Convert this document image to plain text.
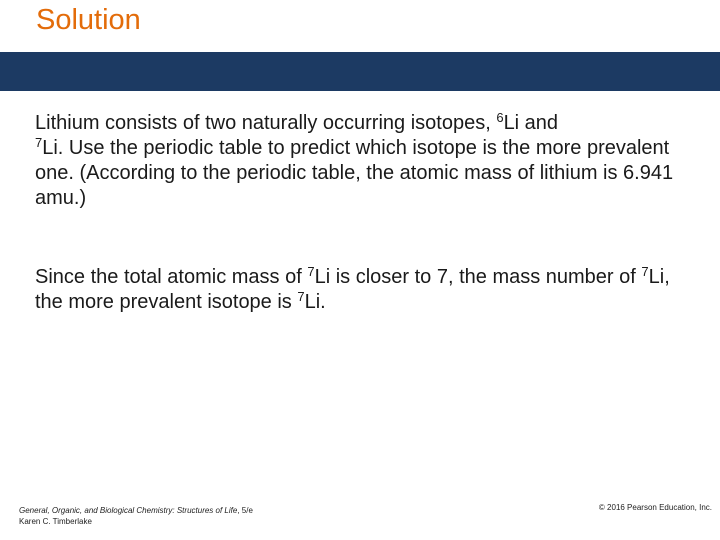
Solution
Lithium consists of two naturally occurring isotopes, $^6$Li and
$^7$Li. Use the periodic table to predict which isotope is the more prevalent one. (According to the periodic table, the atomic mass of lithium is 6.941 amu.)
Since the total atomic mass of $^7$Li is closer to 7, the mass number of $^7$Li, the more prevalent isotope is $^7$Li.
General, Organic, and Biological Chemistry: Structures of Life, 5/e
Karen C. Timberlake
© 2016 Pearson Education, Inc.
